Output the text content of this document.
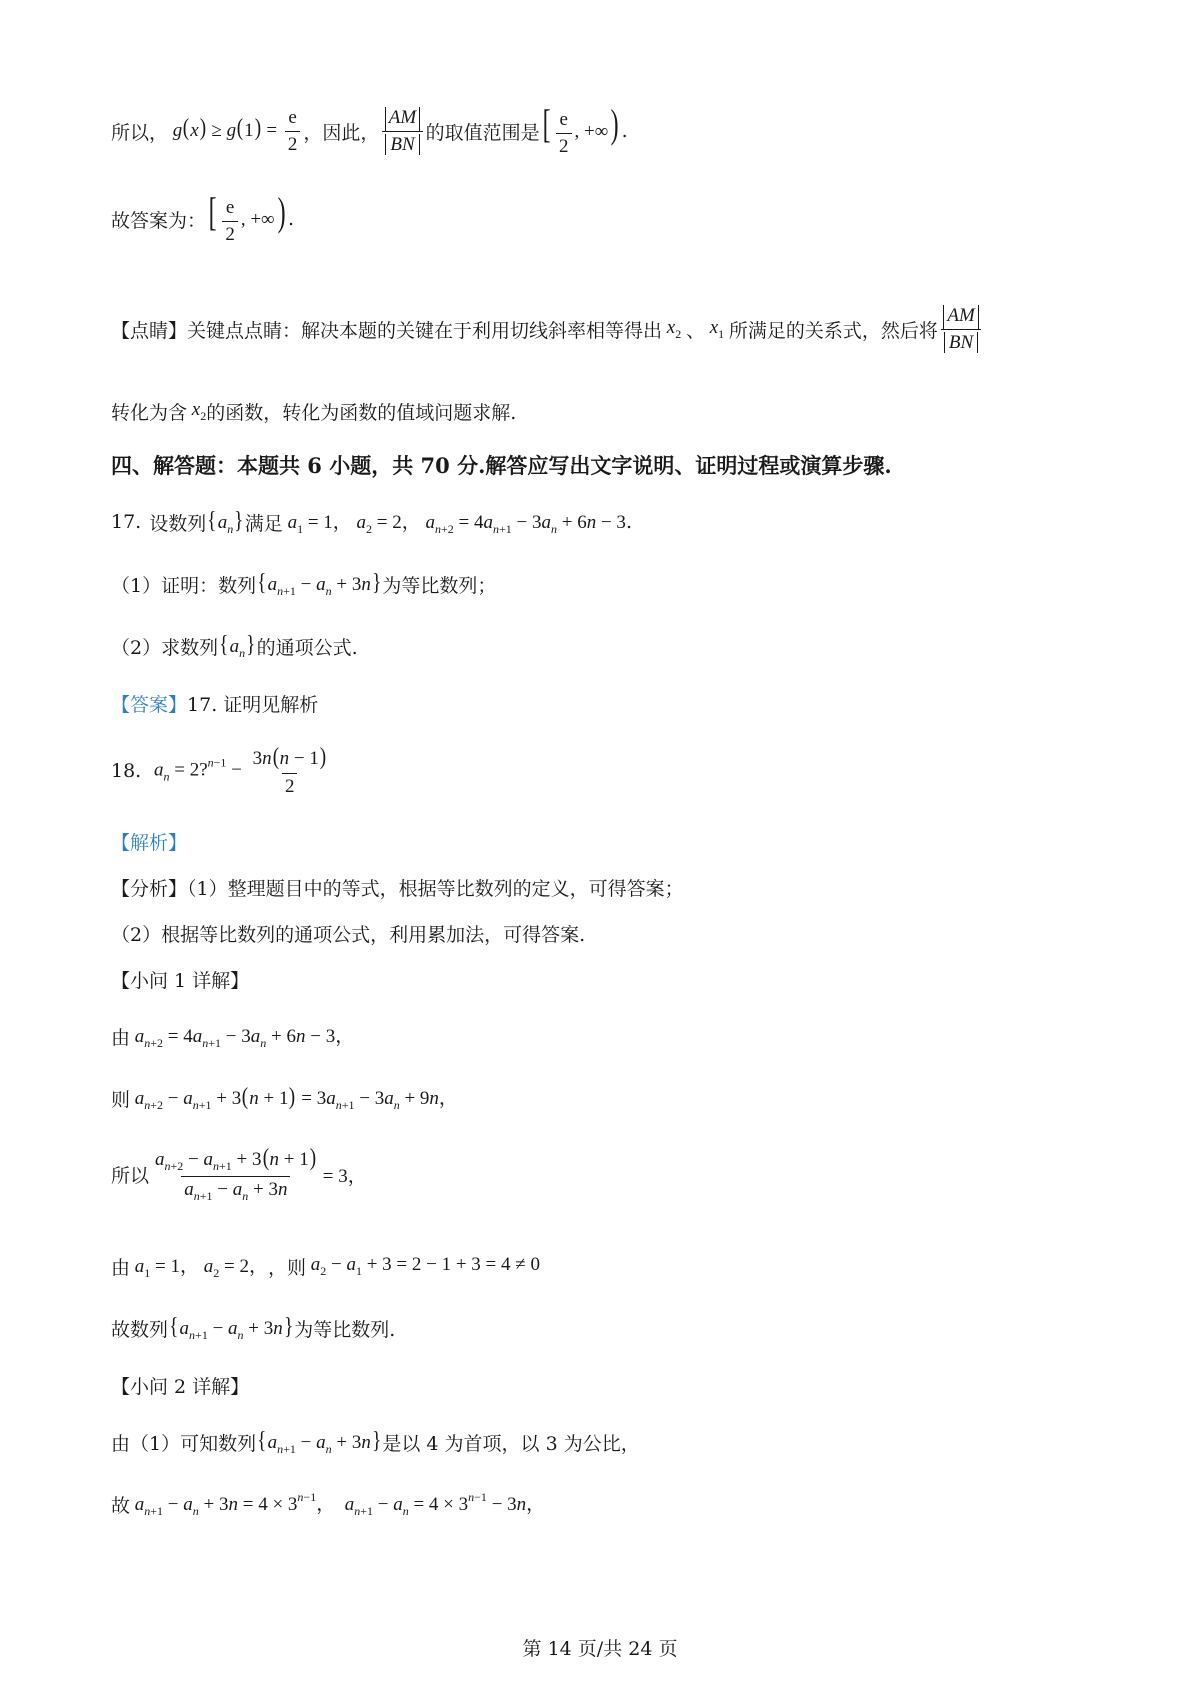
所以， $g(x) \ge g(1) = \frac{e}{2}$ ，因此， $\frac{AM}{BN}$ 的取值范围是 [ $\frac{e}{2}$ , +∞) .
故答案为： [ $\frac{e}{2}$ , +∞) .
【点睛】关键点点睛：解决本题的关键在于利用切线斜率相等得出 $x_2$ 、 $x_1$ 所满足的关系式，然后将 $\frac{AM}{BN}$
转化为含 $x_2$ 的函数，转化为函数的值域问题求解.
四、解答题：本题共 6 小题，共 70 分.解答应写出文字说明、证明过程或演算步骤.
17. 设数列 $\{a_n\}$ 满足 $a_1 = 1$， $a_2 = 2$， $a_{n+2} = 4a_{n+1} - 3a_n + 6n - 3$ .
（1）证明：数列 $\{a_{n+1} - a_n + 3n\}$ 为等比数列；
（2）求数列 $\{a_n\}$ 的通项公式.
【答案】 17. 证明见解析
18. $a_n$ = 2?$^{n-1}$ − $\frac{3n(n - 1)}{2}$
【解析】
【分析】（1）整理题目中的等式，根据等比数列的定义，可得答案；
（2）根据等比数列的通项公式，利用累加法，可得答案.
【小问 1 详解】
由 $a_{n+2} = 4a_{n+1} - 3a_n + 6n - 3$，
则 $a_{n+2} - a_{n+1} + 3(n + 1) = 3a_{n+1} - 3a_n + 9n$，
所以 $\frac{a_{n+2} - a_{n+1} + 3(n + 1)}{a_{n+1} - a_n + 3n} = 3$，
由 $a_1 = 1$， $a_2 = 2$， ，则 $a_2 - a_1 + 3 = 2 - 1 + 3 = 4 \ne 0$
故数列 $\{a_{n+1} - a_n + 3n\}$ 为等比数列.
【小问 2 详解】
由（1）可知数列 $\{a_{n+1} - a_n + 3n\}$ 是以 4 为首项，以 3 为公比，
故 $a_{n+1} - a_n + 3n = 4 \times 3^{n-1}$，  $a_{n+1} - a_n = 4 \times 3^{n-1} - 3n$，
第 14 页/共 24 页
